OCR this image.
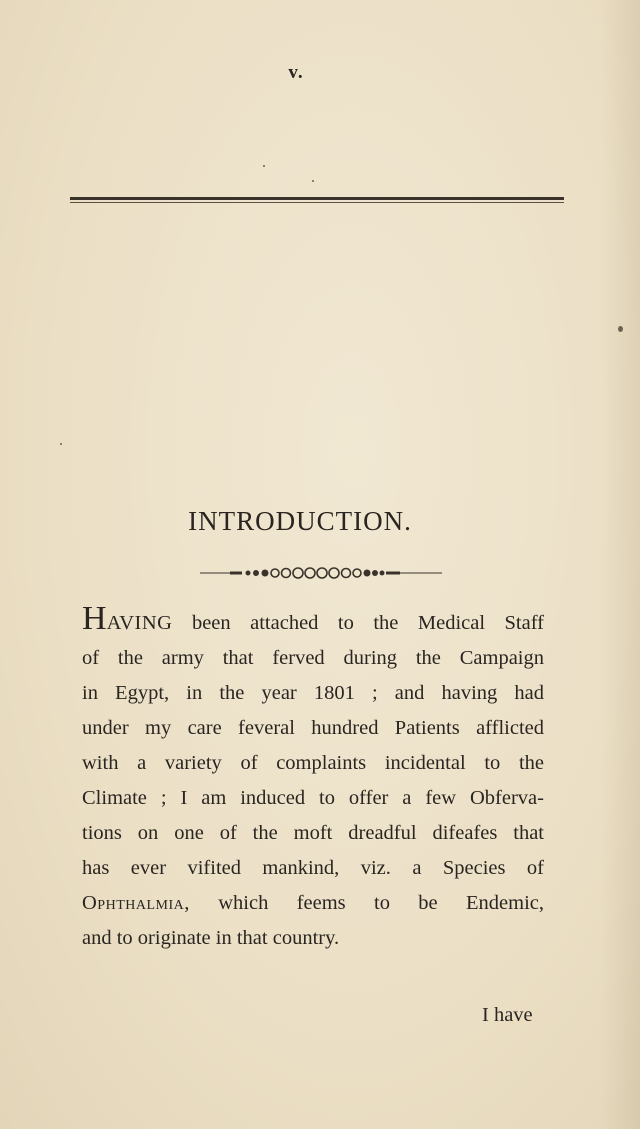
v.
INTRODUCTION.
HAVING been attached to the Medical Staff
of the army that ferved during the Campaign
in Egypt, in the year 1801 ; and having had
under my care feveral hundred Patients afflicted
with a variety of complaints incidental to the
Climate ; I am induced to offer a few Obferva-
tions on one of the moft dreadful difeafes that
has ever vifited mankind, viz. a Species of
Ophthalmia, which feems to be Endemic,
and to originate in that country.
I have
